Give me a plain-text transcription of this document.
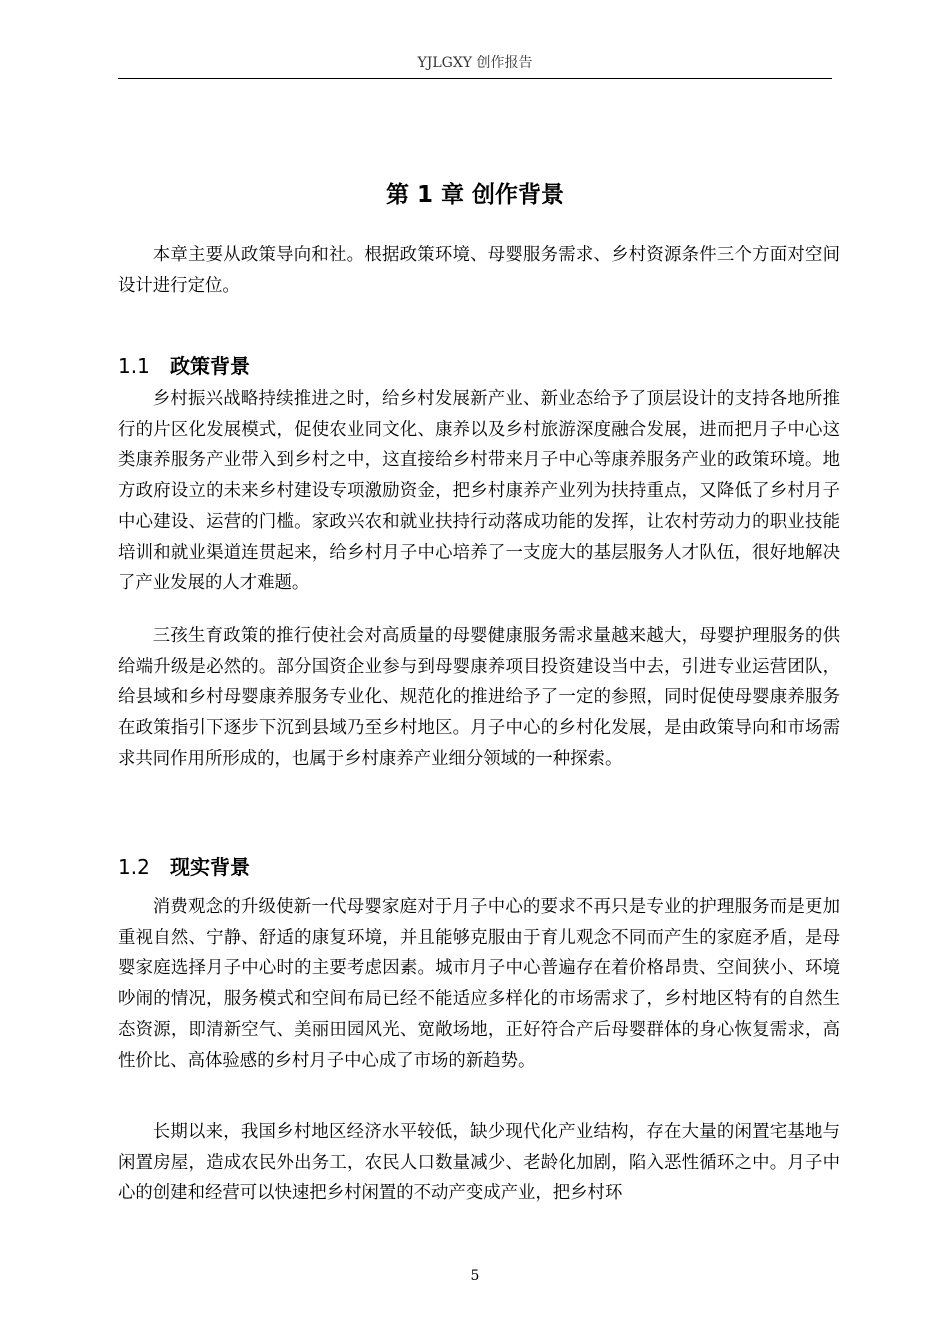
YJLGXY 创作报告
第 1 章 创作背景

本章主要从政策导向和社。根据政策环境、母婴服务需求、乡村资源条件三个方面对空间设计进行定位。

1.1 政策背景

乡村振兴战略持续推进之时，给乡村发展新产业、新业态给予了顶层设计的支持各地所推行的片区化发展模式，促使农业同文化、康养以及乡村旅游深度融合发展，进而把月子中心这类康养服务产业带入到乡村之中，这直接给乡村带来月子中心等康养服务产业的政策环境。地方政府设立的未来乡村建设专项激励资金，把乡村康养产业列为扶持重点，又降低了乡村月子中心建设、运营的门槛。家政兴农和就业扶持行动落成功能的发挥，让农村劳动力的职业技能培训和就业渠道连贯起来，给乡村月子中心培养了一支庞大的基层服务人才队伍，很好地解决了产业发展的人才难题。

三孩生育政策的推行使社会对高质量的母婴健康服务需求量越来越大，母婴护理服务的供给端升级是必然的。部分国资企业参与到母婴康养项目投资建设当中去，引进专业运营团队，给县域和乡村母婴康养服务专业化、规范化的推进给予了一定的参照，同时促使母婴康养服务在政策指引下逐步下沉到县域乃至乡村地区。月子中心的乡村化发展，是由政策导向和市场需求共同作用所形成的，也属于乡村康养产业细分领域的一种探索。

1.2 现实背景

消费观念的升级使新一代母婴家庭对于月子中心的要求不再只是专业的护理服务而是更加重视自然、宁静、舒适的康复环境，并且能够克服由于育儿观念不同而产生的家庭矛盾，是母婴家庭选择月子中心时的主要考虑因素。城市月子中心普遍存在着价格昂贵、空间狭小、环境吵闹的情况，服务模式和空间布局已经不能适应多样化的市场需求了，乡村地区特有的自然生态资源，即清新空气、美丽田园风光、宽敞场地，正好符合产后母婴群体的身心恢复需求，高性价比、高体验感的乡村月子中心成了市场的新趋势。

长期以来，我国乡村地区经济水平较低，缺少现代化产业结构，存在大量的闲置宅基地与闲置房屋，造成农民外出务工，农民人口数量减少、老龄化加剧，陷入恶性循环之中。月子中心的创建和经营可以快速把乡村闲置的不动产变成产业，把乡村环

5
